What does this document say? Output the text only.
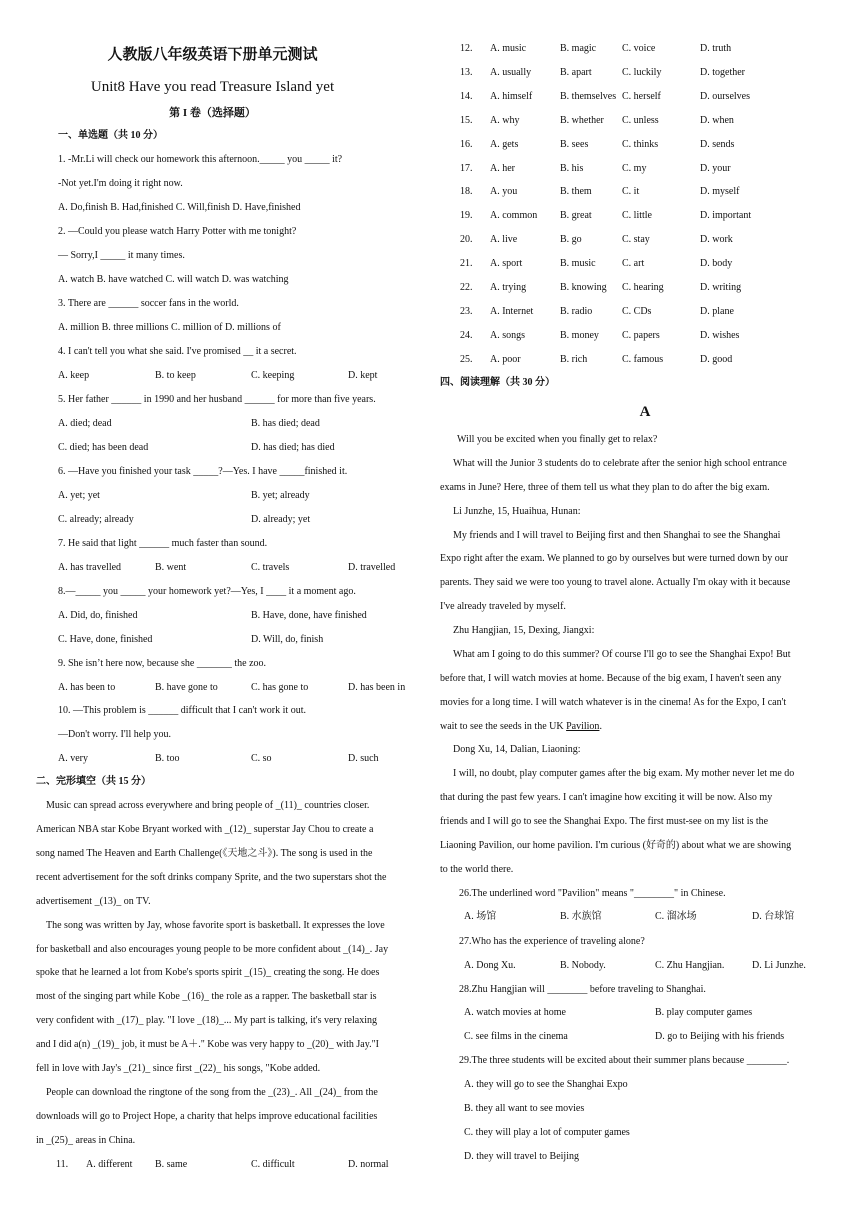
人教版八年级英语下册单元测试
Unit8 Have you read Treasure Island yet
第 I 卷（选择题）
一、单选题（共 10 分）
1. -Mr.Li will check our homework this afternoon._____ you _____ it?
-Not yet.I'm doing it right now.
A. Do,finish B. Had,finished C. Will,finish D. Have,finished
2. —Could you please watch Harry Potter with me tonight?
— Sorry,I _____ it many times.
A. watch B. have watched C. will watch D. was watching
3. There are ______ soccer fans in the world.
A. million B. three millions C. million of D. millions of
4. I can't tell you what she said. I've promised __ it a secret.
A. keep	B. to keep	C. keeping	D. kept
5. Her father ______ in 1990 and her husband ______ for more than five years.
A. died; dead	B. has died; dead
C. died; has been dead	D. has died; has died
6. —Have you finished your task _____?—Yes. I have _____finished it.
A. yet; yet	B. yet; already
C. already; already	D. already; yet
7. He said that light ______ much faster than sound.
A. has travelled	B. went	C. travels	D. travelled
8.—_____ you _____ your homework yet?—Yes, I ____ it a moment ago.
A. Did, do, finished	B. Have, done, have finished
C. Have, done, finished	D. Will, do, finish
9. She isn’t here now, because she _______ the zoo.
A. has been to	B. have gone to	C. has gone to	D. has been in
10. —This problem is ______ difficult that I can't work it out.
—Don't worry. I'll help you.
A. very	B. too	C. so	D. such
二、完形填空（共 15 分）
Music can spread across everywhere and bring people of _(11)_ countries closer.
American NBA star Kobe Bryant worked with _(12)_ superstar Jay Chou to create a
song named The Heaven and Earth Challenge(《天地之斗》). The song is used in the
recent advertisement for the soft drinks company Sprite, and the two superstars shot the
advertisement _(13)_ on TV.
The song was written by Jay, whose favorite sport is basketball. It expresses the love
for basketball and also encourages young people to be more confident about _(14)_. Jay
spoke that he learned a lot from Kobe's sports spirit _(15)_ creating the song. He does
most of the singing part while Kobe _(16)_ the role as a rapper. The basketball star is
very confident with _(17)_ play. "I love _(18)_... My part is talking, it's very relaxing
and I did a(n) _(19)_ job, it must be A＋." Kobe was very happy to _(20)_ with Jay."I
fell in love with Jay's _(21)_ since first _(22)_ his songs, "Kobe added.
People can download the ringtone of the song from the _(23)_. All _(24)_ from the
downloads will go to Project Hope, a charity that helps improve educational facilities
in _(25)_ areas in China.
11. A. different B. same	C. difficult	D. normal
12. A. music	B. magic	C. voice	D. truth
13. A. usually	B. apart	C. luckily	D. together
14. A. himself	B. themselves C. herself	D. ourselves
15. A. why	B. whether C. unless	D. when
16. A. gets	B. sees	C. thinks	D. sends
17. A. her	B. his	C. my	D. your
18. A. you	B. them	C. it	D. myself
19. A. common B. great	C. little	D. important
20. A. live	B. go	C. stay	D. work
21. A. sport	B. music	C. art	D. body
22. A. trying	B. knowing C. hearing	D. writing
23. A. Internet	B. radio	C. CDs	D. plane
24. A. songs	B. money C. papers	D. wishes
25. A. poor	B. rich	C. famous	D. good
四、阅读理解（共 30 分）
A
Will you be excited when you finally get to relax?
What will the Junior 3 students do to celebrate after the senior high school entrance
exams in June? Here, three of them tell us what they plan to do after the big exam.
Li Junzhe, 15, Huaihua, Hunan:
My friends and I will travel to Beijing first and then Shanghai to see the Shanghai
Expo right after the exam. We planned to go by ourselves but were turned down by our
parents. They said we were too young to travel alone. Actually I'm okay with it because
I've already traveled by myself.
Zhu Hangjian, 15, Dexing, Jiangxi:
What am I going to do this summer? Of course I'll go to see the Shanghai Expo! But
before that, I will watch movies at home. Because of the big exam, I haven't seen any
movies for a long time. I will watch whatever is in the cinema! As for the Expo, I can't
wait to see the seeds in the UK Pavilion.
Dong Xu, 14, Dalian, Liaoning:
I will, no doubt, play computer games after the big exam. My mother never let me do
that during the past few years. I can't imagine how exciting it will be now. Also my
friends and I will go to see the Shanghai Expo. The first must-see on my list is the
Liaoning Pavilion, our home pavilion. I'm curious (好奇的) about what we are showing
to the world there.
26.The underlined word "Pavilion" means "________" in Chinese.
A. 场馆	B. 水族馆	C. 溜冰场	D. 台球馆
27.Who has the experience of traveling alone?
A. Dong Xu.	B. Nobody.	C. Zhu Hangjian.	D. Li Junzhe.
28.Zhu Hangjian will ________ before traveling to Shanghai.
A. watch movies at home	B. play computer games
C. see films in the cinema	D. go to Beijing with his friends
29.The three students will be excited about their summer plans because ________.
A. they will go to see the Shanghai Expo
B. they all want to see movies
C. they will play a lot of computer games
D. they will travel to Beijing
